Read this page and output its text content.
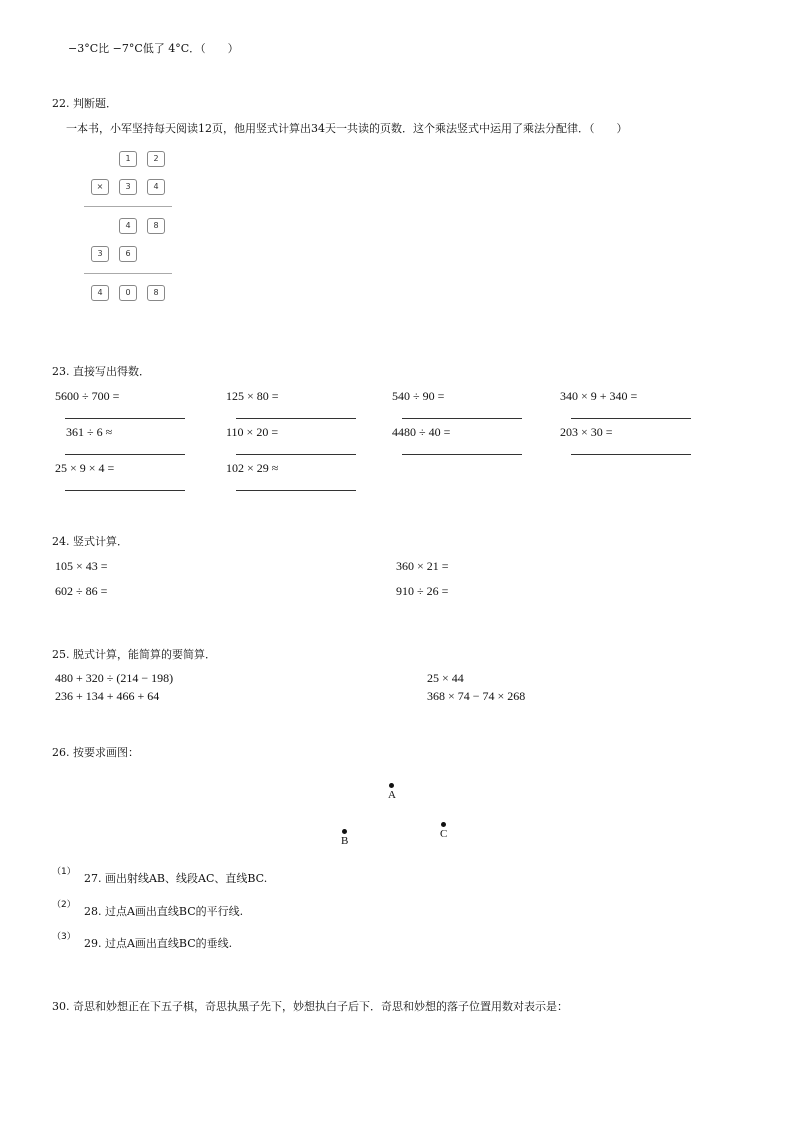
−3°C比 −7°C低了 4°C．（　　）
22. 判断题．
一本书，小军坚持每天阅读12页，他用竖式计算出34天一共读的页数．这个乘法竖式中运用了乘法分配律．（　　）
1	2
×	3	4
4	8
3	6
4	0	8
23. 直接写出得数．
5600 ÷ 700 =	125 × 80 =	540 ÷ 90 =	340 × 9 + 340 =
361 ÷ 6 ≈	110 × 20 =	4480 ÷ 40 =	203 × 30 =
25 × 9 × 4 =	102 × 29 ≈
24. 竖式计算．
105 × 43 =	360 × 21 =
602 ÷ 86 =	910 ÷ 26 =
25. 脱式计算，能简算的要简算．
480 + 320 ÷ (214 − 198)	25 × 44
236 + 134 + 466 + 64	368 × 74 − 74 × 268
26. 按要求画图：
A
B
C
（1） 27. 画出射线AB、线段AC、直线BC.
（2） 28. 过点A画出直线BC的平行线.
（3） 29. 过点A画出直线BC的垂线.
30. 奇思和妙想正在下五子棋，奇思执黑子先下，妙想执白子后下．奇思和妙想的落子位置用数对表示是：
